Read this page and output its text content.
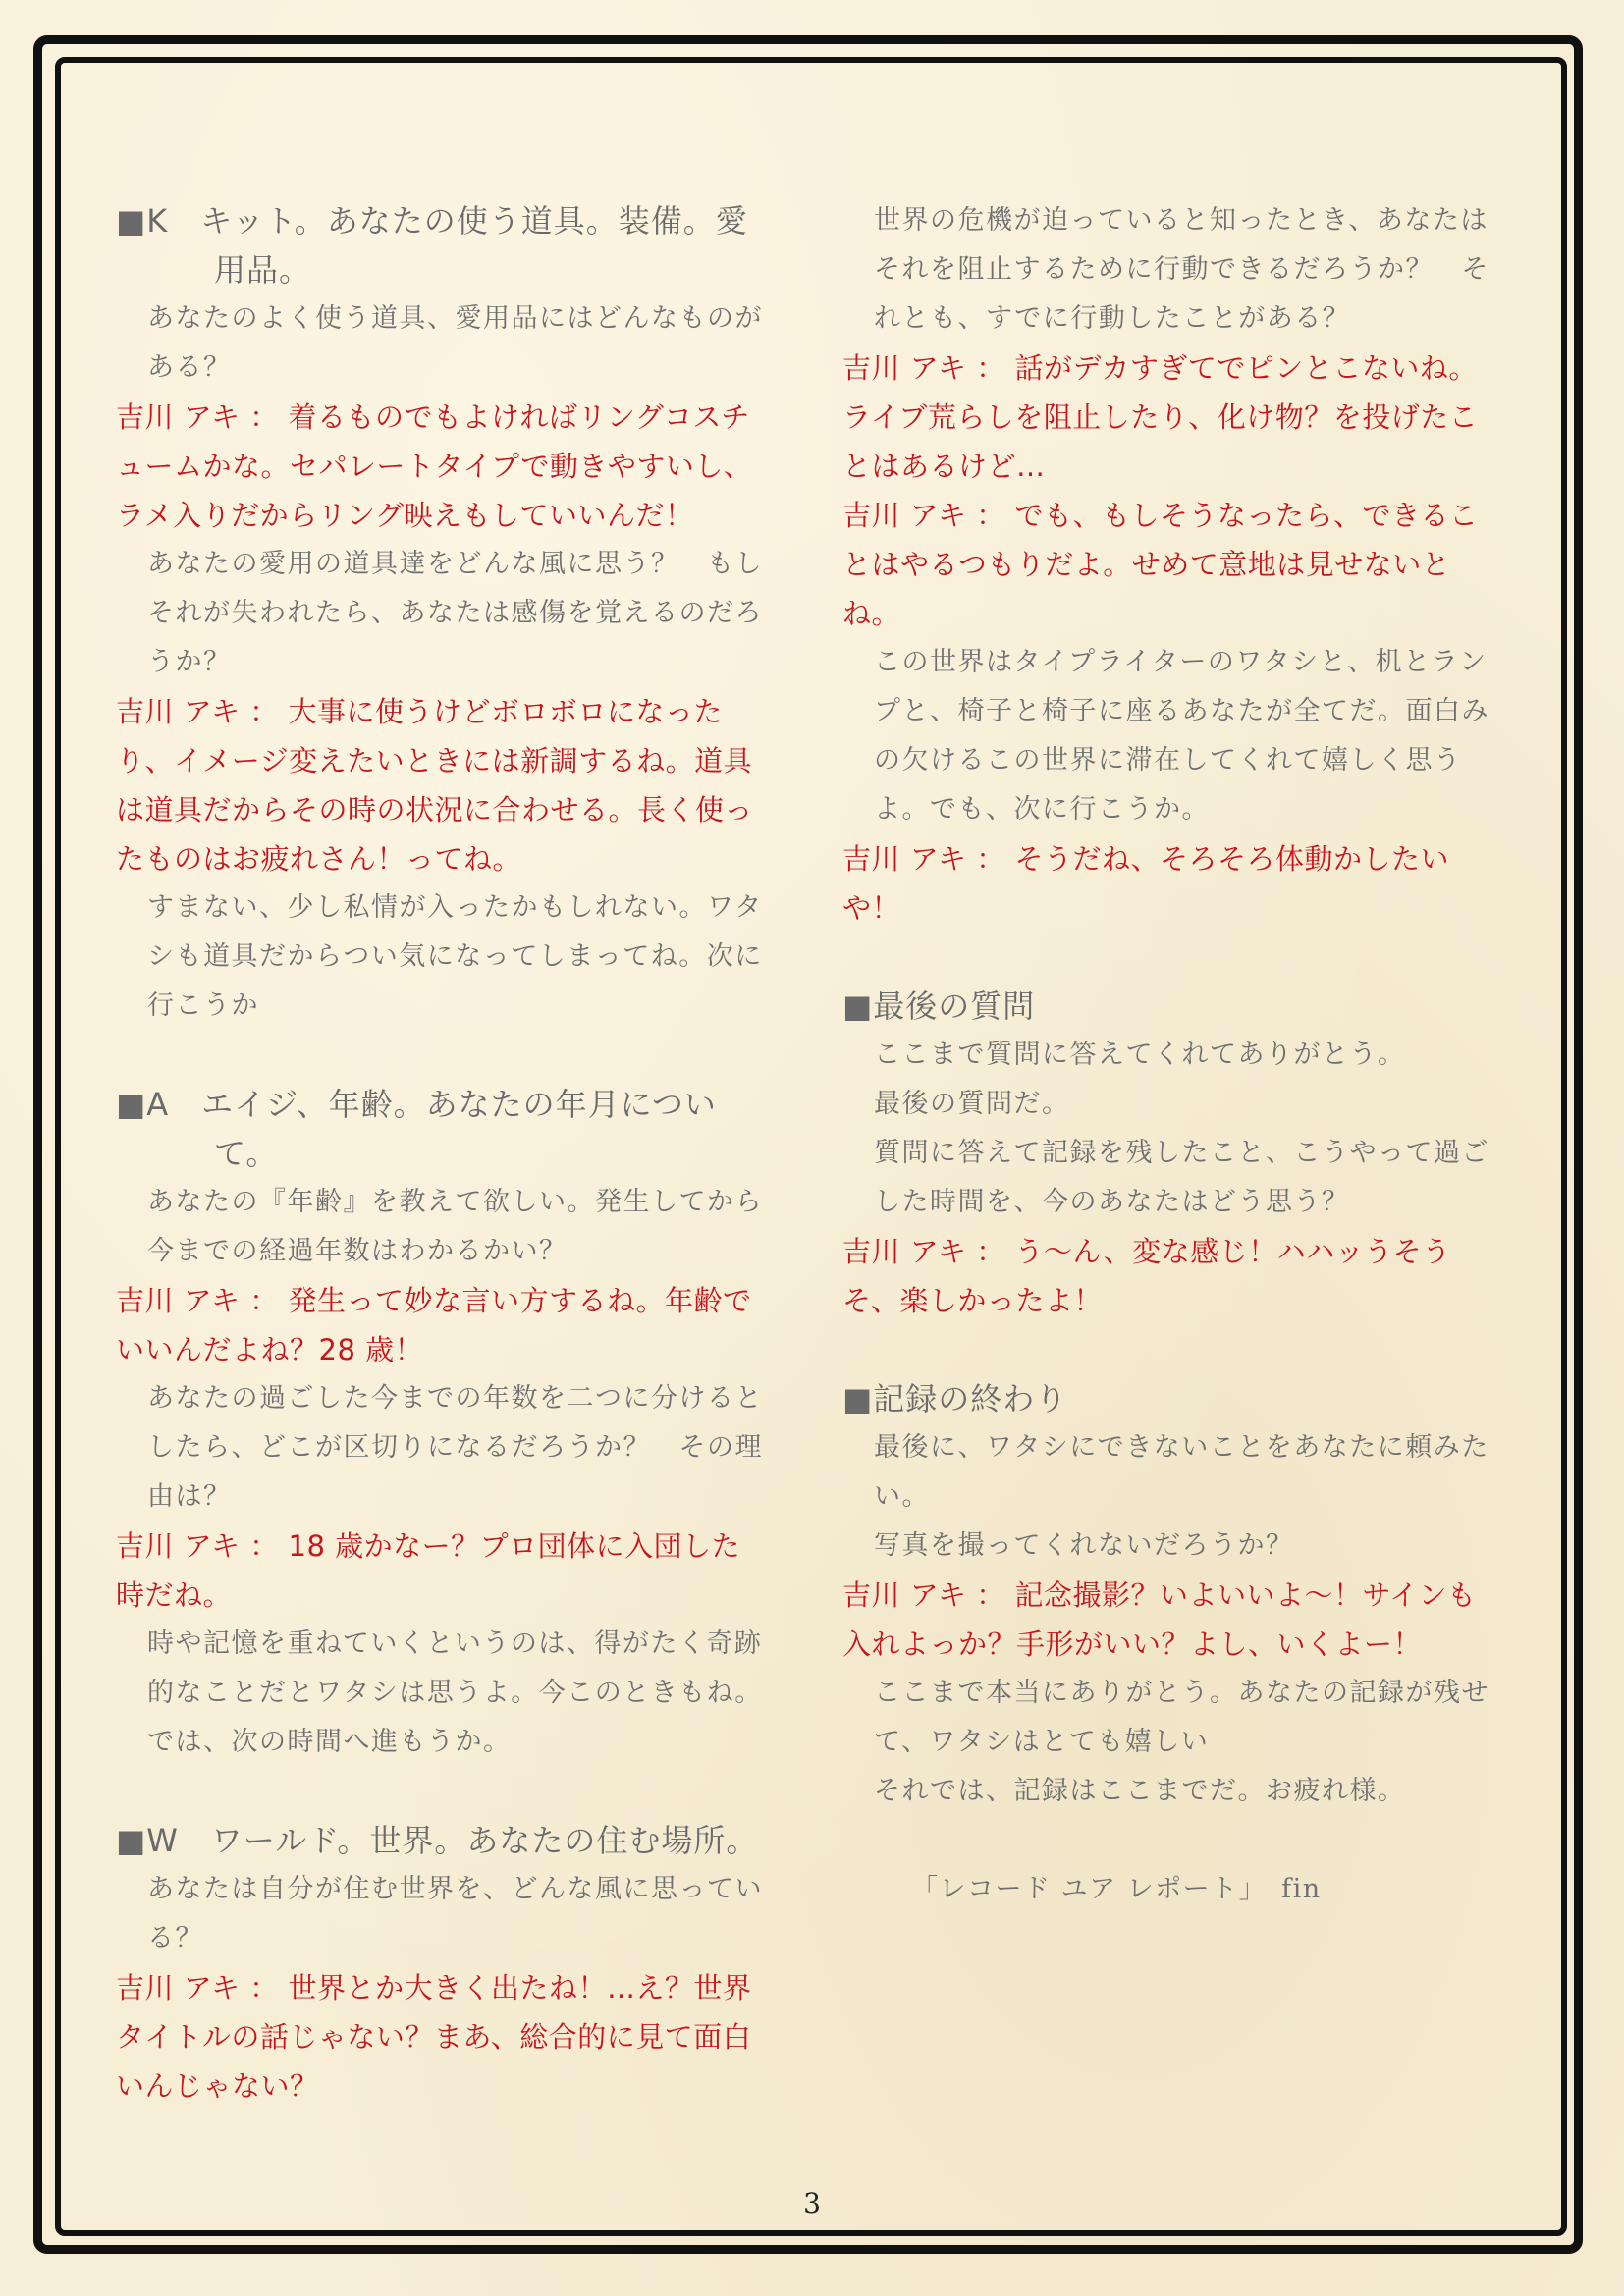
■K　キット。あなたの使う道具。装備。愛

用品。

あなたのよく使う道具、愛用品にはどんなものが

ある？

吉川 アキ ： 着るものでもよければリングコスチ

ュームかな。セパレートタイプで動きやすいし、

ラメ入りだからリング映えもしていいんだ！

あなたの愛用の道具達をどんな風に思う？　もし

それが失われたら、あなたは感傷を覚えるのだろ

うか？

吉川 アキ ： 大事に使うけどボロボロになった

り、イメージ変えたいときには新調するね。道具

は道具だからその時の状況に合わせる。長く使っ

たものはお疲れさん！ってね。

すまない、少し私情が入ったかもしれない。ワタ

シも道具だからつい気になってしまってね。次に

行こうか

■A　エイジ、年齢。あなたの年月につい

て。

あなたの『年齢』を教えて欲しい。発生してから

今までの経過年数はわかるかい？

吉川 アキ ： 発生って妙な言い方するね。年齢で

いいんだよね？28 歳！

あなたの過ごした今までの年数を二つに分けると

したら、どこが区切りになるだろうか？　その理

由は？

吉川 アキ ： 18 歳かなー？プロ団体に入団した

時だね。

時や記憶を重ねていくというのは、得がたく奇跡

的なことだとワタシは思うよ。今このときもね。

では、次の時間へ進もうか。

■W　ワールド。世界。あなたの住む場所。

あなたは自分が住む世界を、どんな風に思ってい

る？

吉川 アキ ： 世界とか大きく出たね！…え？世界

タイトルの話じゃない？まあ、総合的に見て面白

いんじゃない？

世界の危機が迫っていると知ったとき、あなたは

それを阻止するために行動できるだろうか？　そ

れとも、すでに行動したことがある？

吉川 アキ ： 話がデカすぎてでピンとこないね。

ライブ荒らしを阻止したり、化け物？を投げたこ

とはあるけど…

吉川 アキ ： でも、もしそうなったら、できるこ

とはやるつもりだよ。せめて意地は見せないと

ね。

この世界はタイプライターのワタシと、机とラン

プと、椅子と椅子に座るあなたが全てだ。面白み

の欠けるこの世界に滞在してくれて嬉しく思う

よ。でも、次に行こうか。

吉川 アキ ： そうだね、そろそろ体動かしたい

や！

■最後の質問

ここまで質問に答えてくれてありがとう。

最後の質問だ。

質問に答えて記録を残したこと、こうやって過ご

した時間を、今のあなたはどう思う？

吉川 アキ ： う～ん、変な感じ！ハハッうそう

そ、楽しかったよ！

■記録の終わり

最後に、ワタシにできないことをあなたに頼みた

い。

写真を撮ってくれないだろうか？

吉川 アキ ： 記念撮影？いよいいよ～！サインも

入れよっか？手形がいい？よし、いくよー！

ここまで本当にありがとう。あなたの記録が残せ

て、ワタシはとても嬉しい

それでは、記録はここまでだ。お疲れ様。

「レコード ユア レポート」　fin

3
